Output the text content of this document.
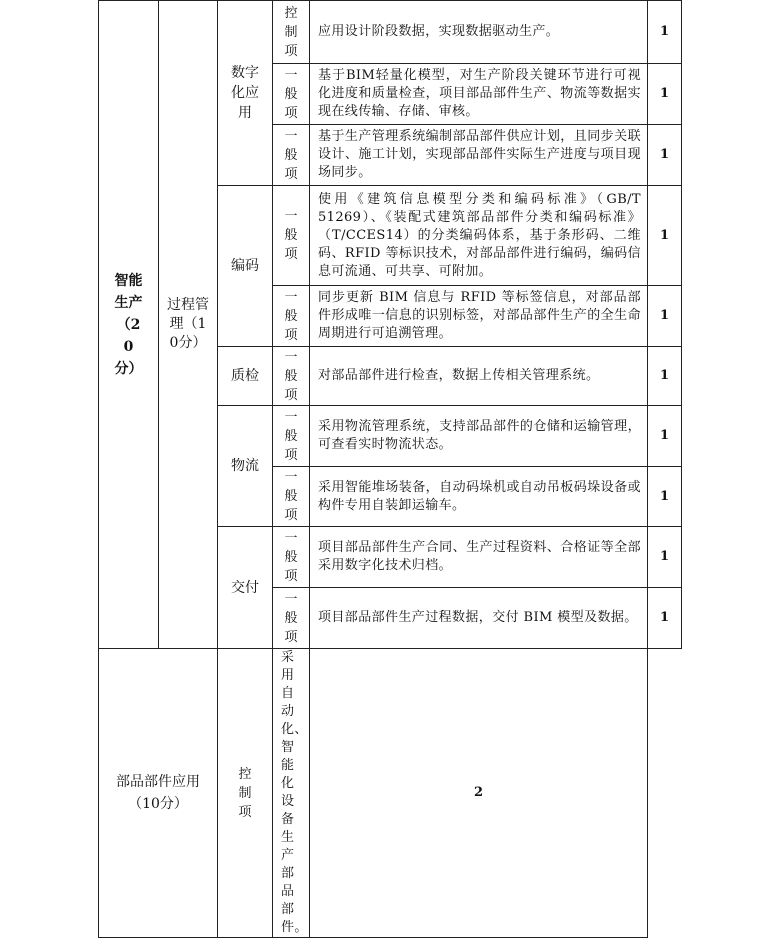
智能生产（20分）	过程管理（10分）	数字化应用	控制项	应用设计阶段数据，实现数据驱动生产。	1
			一般项	基于BIM轻量化模型，对生产阶段关键环节进行可视化进度和质量检查，项目部品部件生产、物流等数据实现在线传输、存储、审核。	1
			一般项	基于生产管理系统编制部品部件供应计划，且同步关联设计、施工计划，实现部品部件实际生产进度与项目现场同步。	1
		编码	一般项	使用《建筑信息模型分类和编码标准》（GB/T 51269）、《装配式建筑部品部件分类和编码标准》（T/CCES14）的分类编码体系，基于条形码、二维码、RFID 等标识技术，对部品部件进行编码，编码信息可流通、可共享、可附加。	1
			一般项	同步更新 BIM 信息与 RFID 等标签信息，对部品部件形成唯一信息的识别标签，对部品部件生产的全生命周期进行可追溯管理。	1
		质检	一般项	对部品部件进行检查，数据上传相关管理系统。	1
		物流	一般项	采用物流管理系统，支持部品部件的仓储和运输管理，可查看实时物流状态。	1
			一般项	采用智能堆场装备，自动码垛机或自动吊板码垛设备或构件专用自装卸运输车。	1
		交付	一般项	项目部品部件生产合同、生产过程资料、合格证等全部采用数字化技术归档。	1
			一般项	项目部品部件生产过程数据，交付 BIM 模型及数据。	1
部品部件应用（10分）		控制项	采用自动化、智能化设备生产部品部件。	2	
